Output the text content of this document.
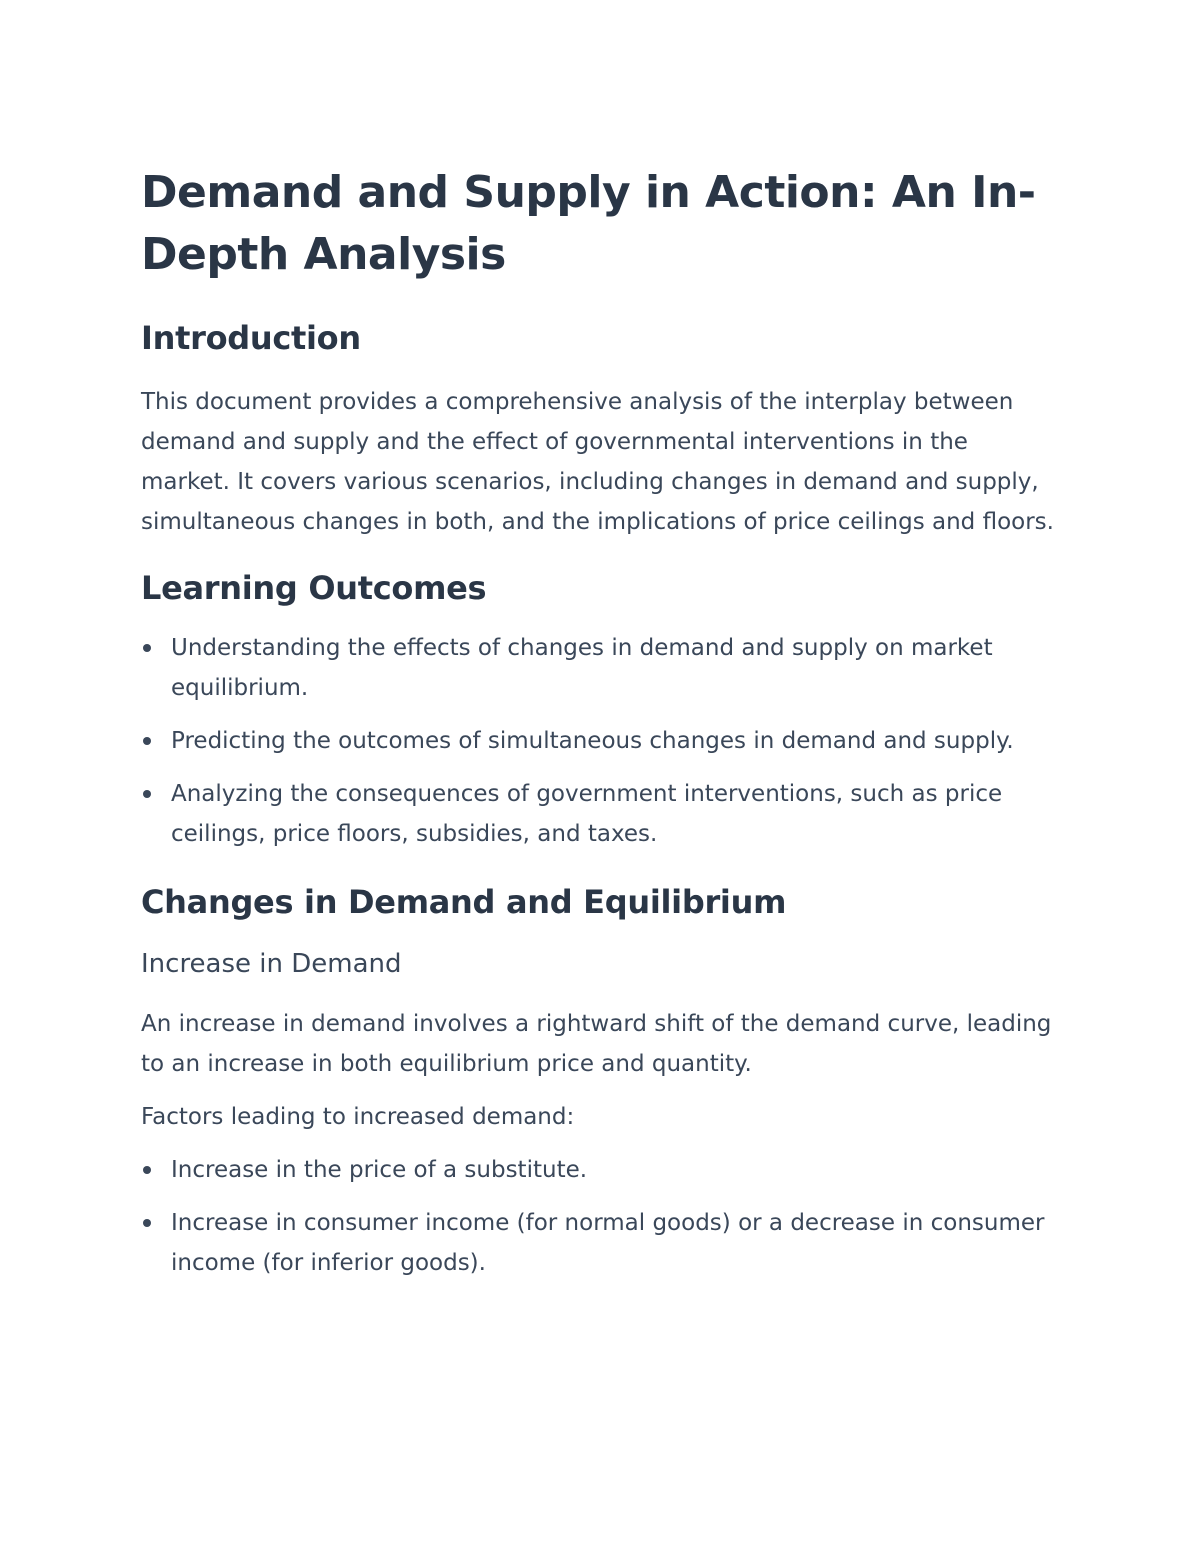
Demand and Supply in Action: An In-Depth Analysis
Introduction

This document provides a comprehensive analysis of the interplay between demand and supply and the effect of governmental interventions in the market. It covers various scenarios, including changes in demand and supply, simultaneous changes in both, and the implications of price ceilings and floors.

Learning Outcomes
Understanding the effects of changes in demand and supply on market equilibrium.
Predicting the outcomes of simultaneous changes in demand and supply.
Analyzing the consequences of government interventions, such as price ceilings, price floors, subsidies, and taxes.
Changes in Demand and Equilibrium
Increase in Demand

An increase in demand involves a rightward shift of the demand curve, leading to an increase in both equilibrium price and quantity.

Factors leading to increased demand:

Increase in the price of a substitute.
Increase in consumer income (for normal goods) or a decrease in consumer income (for inferior goods).
